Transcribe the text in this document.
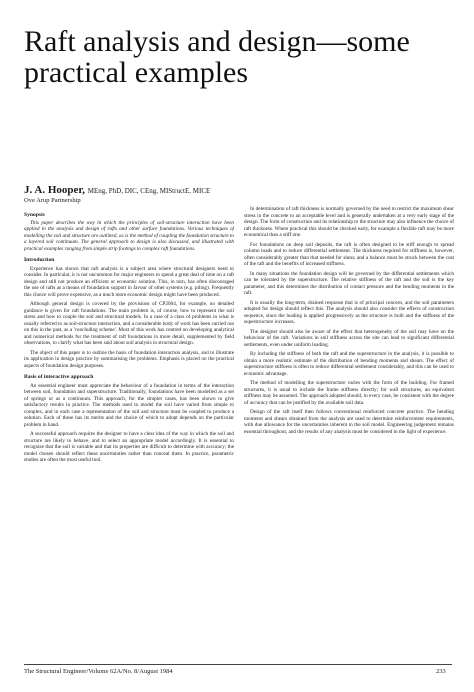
Raft analysis and design—some practical examples
J. A. Hooper, MEng, PhD, DIC, CEng, MIStructE, MICE
Ove Arup Partnership
Synopsis

This paper describes the way in which the principles of soil-structure interaction have been applied in the analysis and design of rafts and other surface foundations. Various techniques of modelling the soil and structure are outlined, as is the method of coupling the foundation structure to a layered soil continuum. The general approach to design is also discussed, and illustrated with practical examples ranging from simple strip footings to complex raft foundations.

Introduction

Experience has shown that raft analysis is a subject area where structural designers need to consider. In particular, it is not uncommon for major engineers to spend a great deal of time on a raft design and still not produce an efficient or economic solution. This, in turn, has often discouraged the use of rafts as a means of foundation support in favour of other systems (e.g. piling). Frequently this choice will prove expensive, as a much more economic design might have been produced.

Although general design is covered by the provisions of CP2004, for example, no detailed guidance is given for raft foundations. The main problem is, of course, how to represent the soil stress and how to couple the soil and structural models. In a case of a class of problems in what is usually referred to as soil-structure interaction, and a considerable body of work has been carried out on this in the past, as a 'concluding scheme'. Most of this work has centred on developing analytical and numerical methods for the treatment of raft foundations in more detail, supplemented by field observations, to clarify what has been said about soil analysis in structural design.

The object of this paper is to outline the basis of foundation interaction analysis, and to illustrate its application in design practice by summarising the problems. Emphasis is placed on the practical aspects of foundation design purposes.

Basis of interactive approach

An essential engineer must appreciate the behaviour of a foundation in terms of the interaction between soil, foundation and superstructure. Traditionally, foundations have been modelled as a set of springs or as a continuum. This approach, for the simpler cases, has been shown to give satisfactory results in practice. The methods used to model the soil have varied from simple to complex, and in each case a representation of the soil and structure must be coupled to produce a solution. Each of these has its merits and the choice of which to adopt depends on the particular problem in hand.

A successful approach requires the designer to have a clear idea of the way in which the soil and structure are likely to behave, and to select an appropriate model accordingly. It is essential to recognise that the soil is variable and that its properties are difficult to determine with accuracy; the model chosen should reflect these uncertainties rather than conceal them. In practice, parametric studies are often the most useful tool.

In determination of raft thickness is normally governed by the need to restrict the maximum shear stress in the concrete to an acceptable level and is generally undertaken at a very early stage of the design. The form of construction and its relationship to the structure may also influence the choice of raft thickness. Where practical this should be checked early, for example a flexible raft may be more economical than a stiff one.

For foundations on deep soil deposits, the raft is often designed to be stiff enough to spread column loads and to reduce differential settlement. The thickness required for stiffness is, however, often considerably greater than that needed for shear, and a balance must be struck between the cost of the raft and the benefits of increased stiffness.

In many situations the foundation design will be governed by the differential settlements which can be tolerated by the superstructure. The relative stiffness of the raft and the soil is the key parameter, and this determines the distribution of contact pressure and the bending moments in the raft.

It is usually the long-term, drained response that is of principal concern, and the soil parameters adopted for design should reflect this. The analysis should also consider the effects of construction sequence, since the loading is applied progressively as the structure is built and the stiffness of the superstructure increases.

The designer should also be aware of the effect that heterogeneity of the soil may have on the behaviour of the raft. Variations in soil stiffness across the site can lead to significant differential settlements, even under uniform loading.

By including the stiffness of both the raft and the superstructure in the analysis, it is possible to obtain a more realistic estimate of the distribution of bending moments and shears. The effect of superstructure stiffness is often to reduce differential settlement considerably, and this can be used to economic advantage.

The method of modelling the superstructure varies with the form of the building. For framed structures, it is usual to include the frame stiffness directly; for wall structures, an equivalent stiffness may be assumed. The approach adopted should, in every case, be consistent with the degree of accuracy that can be justified by the available soil data.

Design of the raft itself then follows conventional reinforced concrete practice. The bending moments and shears obtained from the analysis are used to determine reinforcement requirements, with due allowance for the uncertainties inherent in the soil model. Engineering judgement remains essential throughout, and the results of any analysis must be considered in the light of experience.

The Structural Engineer/Volume 62A/No. 8/August 1984	233
